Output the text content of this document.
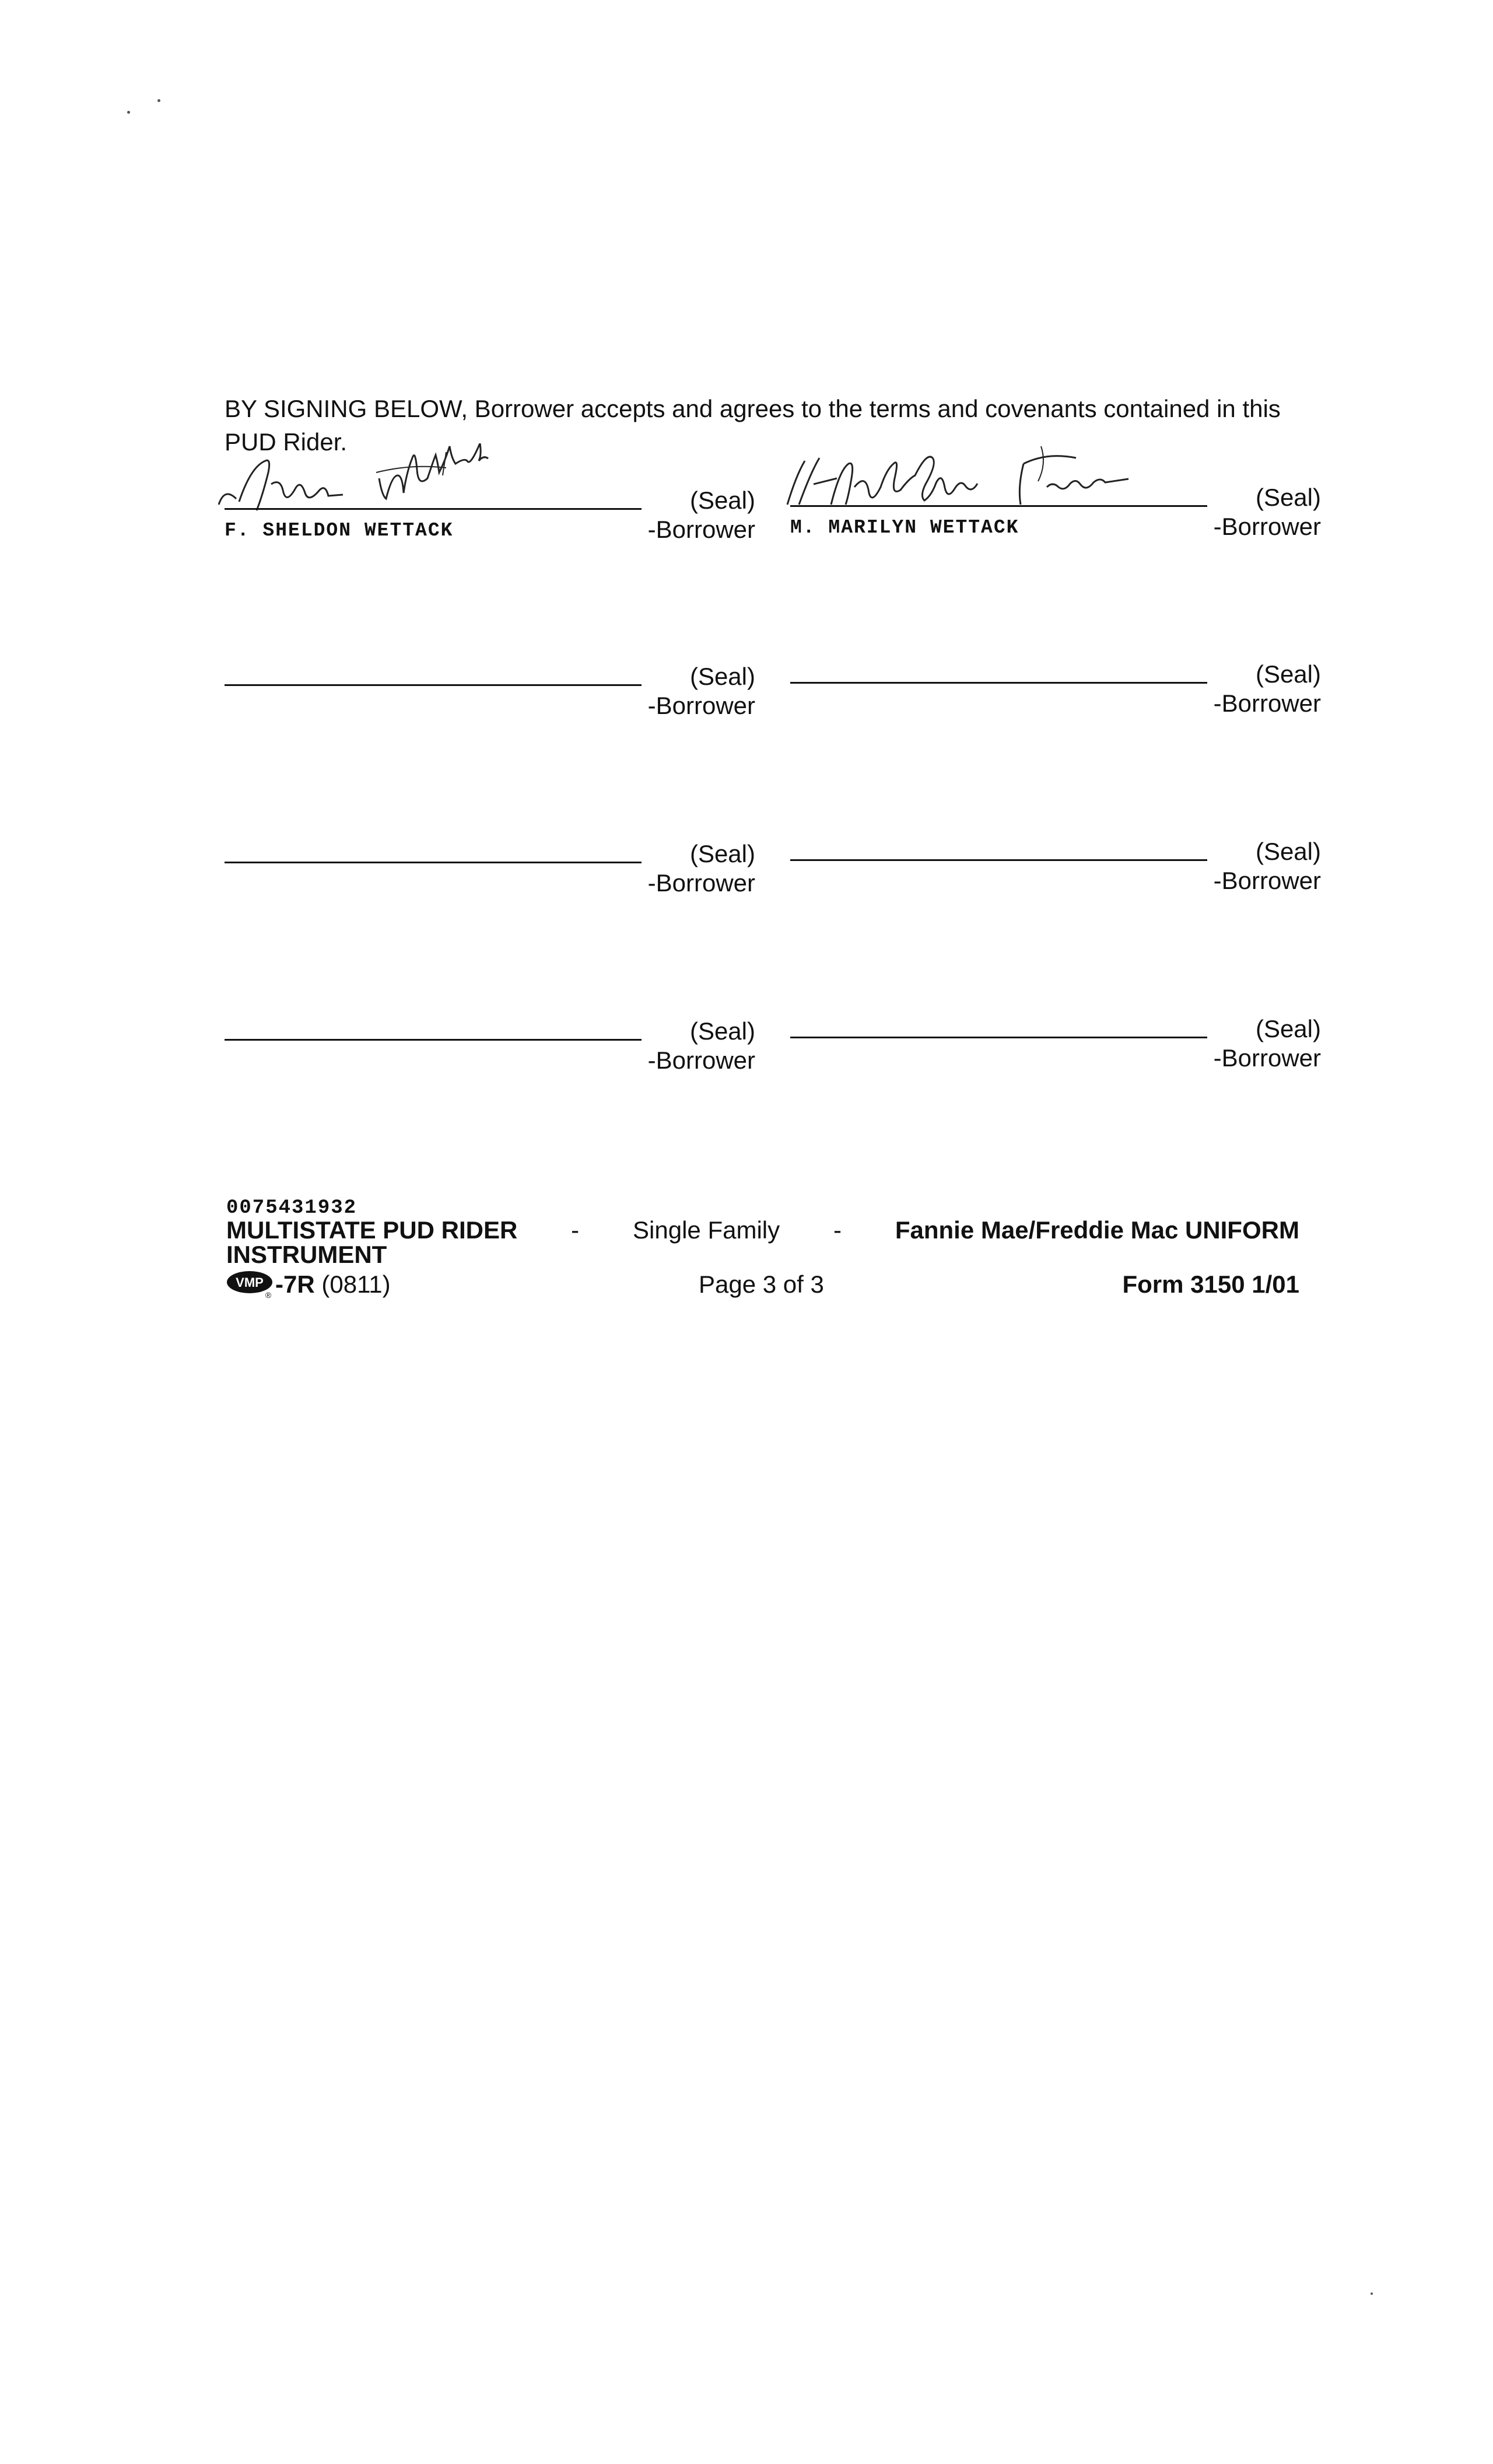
BY SIGNING BELOW, Borrower accepts and agrees to the terms and covenants contained in this PUD Rider.
(Seal)
F. SHELDON WETTACK	-Borrower
(Seal)
M. MARILYN WETTACK	-Borrower
(Seal)
-Borrower
(Seal)
-Borrower
(Seal)
-Borrower
(Seal)
-Borrower
(Seal)
-Borrower
(Seal)
-Borrower
0075431932
MULTISTATE PUD RIDER - Single Family - Fannie Mae/Freddie Mac UNIFORM
INSTRUMENT
VMP
® -7R
(0811)	Page 3 of 3	Form 3150 1/01
